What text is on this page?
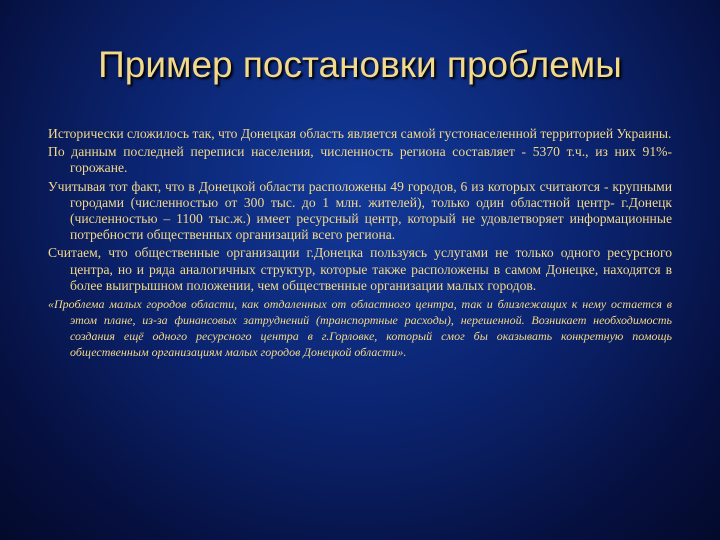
Пример постановки проблемы

Исторически сложилось так, что Донецкая область является самой густонаселенной территорией Украины.

По данным последней переписи населения, численность региона составляет - 5370 т.ч., из них 91%- горожане.

Учитывая тот факт, что в Донецкой области расположены 49 городов, 6 из которых считаются - крупными городами (численностью от 300 тыс. до 1 млн. жителей), только один областной центр- г.Донецк (численностью – 1100 тыс.ж.) имеет ресурсный центр, который не удовлетворяет информационные потребности общественных организаций всего региона.

Считаем, что общественные организации г.Донецка пользуясь услугами не только одного ресурсного центра, но и ряда аналогичных структур, которые также расположены в самом Донецке, находятся в более выигрышном положении, чем общественные организации малых городов.

«Проблема малых городов области, как отдаленных от областного центра, так и близлежащих к нему остается в этом плане, из-за финансовых затруднений (транспортные расходы), нерешенной. Возникает необходимость создания ещё одного ресурсного центра в г.Горловке, который смог бы оказывать конкретную помощь общественным организациям малых городов Донецкой области».
